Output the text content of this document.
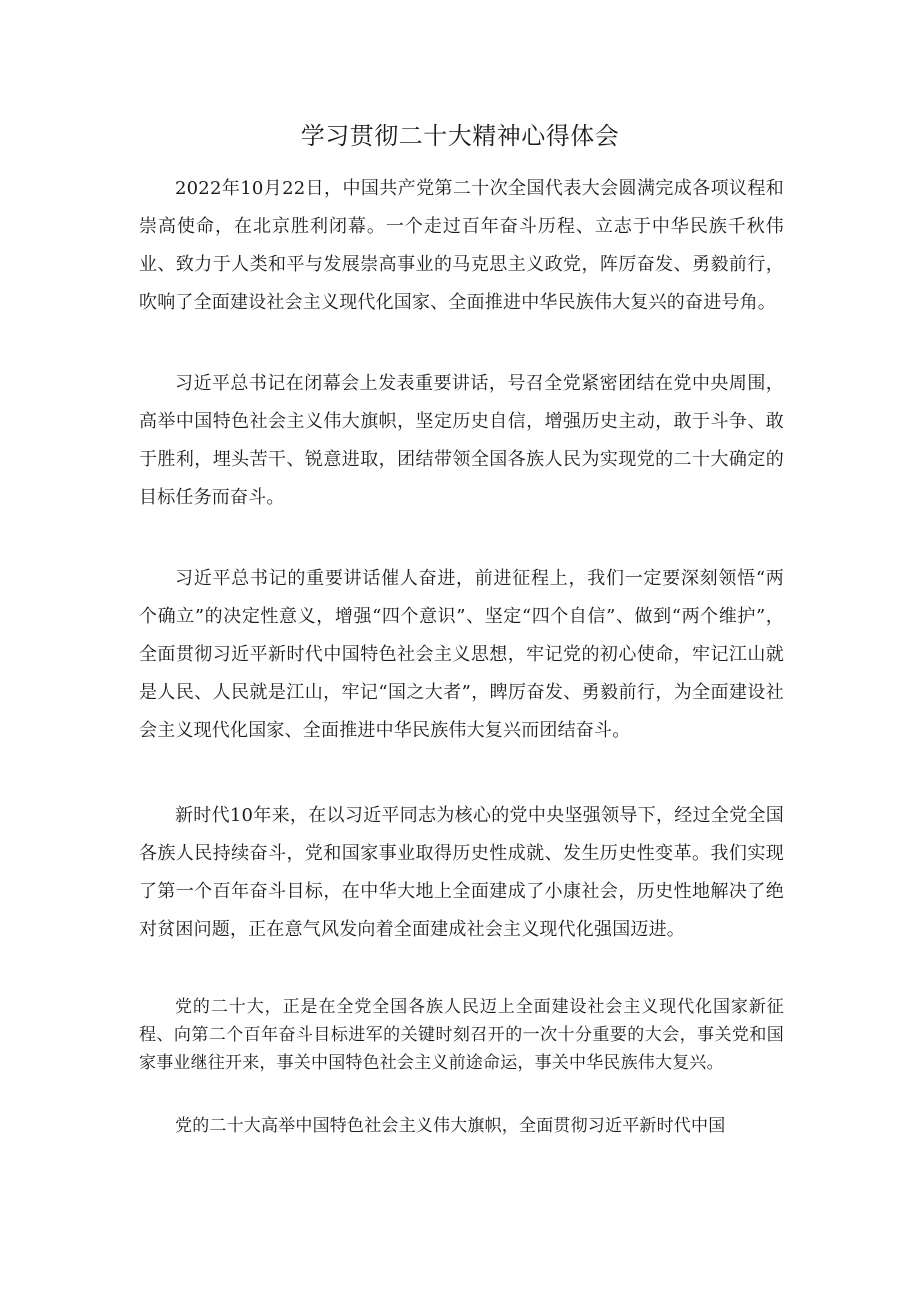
学习贯彻二十大精神心得体会

2022年10月22日，中国共产党第二十次全国代表大会圆满完成各项议程和崇高使命，在北京胜利闭幕。一个走过百年奋斗历程、立志于中华民族千秋伟业、致力于人类和平与发展崇高事业的马克思主义政党，阵厉奋发、勇毅前行，吹响了全面建设社会主义现代化国家、全面推进中华民族伟大复兴的奋进号角。

习近平总书记在闭幕会上发表重要讲话，号召全党紧密团结在党中央周围，高举中国特色社会主义伟大旗帜，坚定历史自信，增强历史主动，敢于斗争、敢于胜利，埋头苦干、锐意进取，团结带领全国各族人民为实现党的二十大确定的目标任务而奋斗。

习近平总书记的重要讲话催人奋进，前进征程上，我们一定要深刻领悟“两个确立”的决定性意义，增强“四个意识”、坚定“四个自信”、做到“两个维护”，全面贯彻习近平新时代中国特色社会主义思想，牢记党的初心使命，牢记江山就是人民、人民就是江山，牢记“国之大者”，睥厉奋发、勇毅前行，为全面建设社会主义现代化国家、全面推进中华民族伟大复兴而团结奋斗。

新时代10年来，在以习近平同志为核心的党中央坚强领导下，经过全党全国各族人民持续奋斗，党和国家事业取得历史性成就、发生历史性变革。我们实现了第一个百年奋斗目标，在中华大地上全面建成了小康社会，历史性地解决了绝对贫困问题，正在意气风发向着全面建成社会主义现代化强国迈进。

党的二十大，正是在全党全国各族人民迈上全面建设社会主义现代化国家新征程、向第二个百年奋斗目标进军的关键时刻召开的一次十分重要的大会，事关党和国家事业继往开来，事关中国特色社会主义前途命运，事关中华民族伟大复兴。

党的二十大高举中国特色社会主义伟大旗帜，全面贯彻习近平新时代中国
